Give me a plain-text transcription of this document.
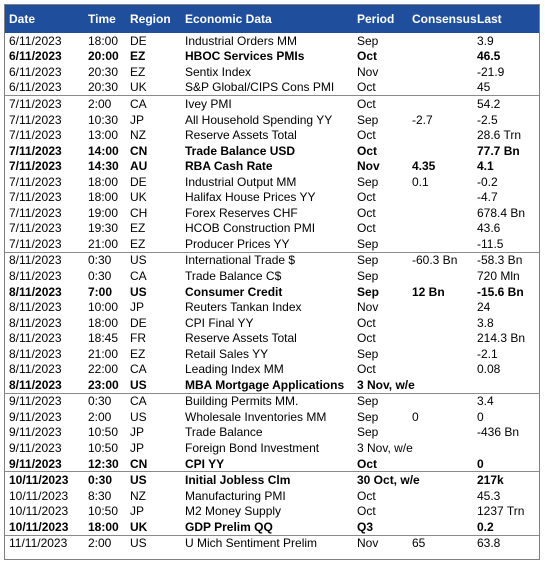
Date	Time	Region	Economic Data	Period	Consensus	Last
6/11/2023	18:00	DE	Industrial Orders MM	Sep		3.9
6/11/2023	20:00	EZ	HBOC Services PMIs	Oct		46.5
6/11/2023	20:30	EZ	Sentix Index	Nov		-21.9
6/11/2023	20:30	UK	S&P Global/CIPS Cons PMI	Oct		45
7/11/2023	2:00	CA	Ivey PMI	Oct		54.2
7/11/2023	10:30	JP	All Household Spending YY	Sep	-2.7	-2.5
7/11/2023	13:00	NZ	Reserve Assets Total	Oct		28.6 Trn
7/11/2023	14:00	CN	Trade Balance USD	Oct		77.7 Bn
7/11/2023	14:30	AU	RBA Cash Rate	Nov	4.35	4.1
7/11/2023	18:00	DE	Industrial Output MM	Sep	0.1	-0.2
7/11/2023	18:00	UK	Halifax House Prices YY	Oct		-4.7
7/11/2023	19:00	CH	Forex Reserves CHF	Oct		678.4 Bn
7/11/2023	19:30	EZ	HCOB Construction PMI	Oct		43.6
7/11/2023	21:00	EZ	Producer Prices YY	Sep		-11.5
8/11/2023	0:30	US	International Trade $	Sep	-60.3 Bn	-58.3 Bn
8/11/2023	0:30	CA	Trade Balance C$	Sep		720 Mln
8/11/2023	7:00	US	Consumer Credit	Sep	12 Bn	-15.6 Bn
8/11/2023	10:00	JP	Reuters Tankan Index	Nov		24
8/11/2023	18:00	DE	CPI Final YY	Oct		3.8
8/11/2023	18:45	FR	Reserve Assets Total	Oct		214.3 Bn
8/11/2023	21:00	EZ	Retail Sales YY	Sep		-2.1
8/11/2023	22:00	CA	Leading Index MM	Oct		0.08
8/11/2023	23:00	US	MBA Mortgage Applications	3 Nov, w/e		
9/11/2023	0:30	CA	Building Permits MM.	Sep		3.4
9/11/2023	2:00	US	Wholesale Inventories MM	Sep	0	0
9/11/2023	10:50	JP	Trade Balance	Sep		-436 Bn
9/11/2023	10:50	JP	Foreign Bond Investment	3 Nov, w/e		
9/11/2023	12:30	CN	CPI YY	Oct		0
10/11/2023	0:30	US	Initial Jobless Clm	30 Oct, w/e		217k
10/11/2023	8:30	NZ	Manufacturing PMI	Oct		45.3
10/11/2023	10:50	JP	M2 Money Supply	Oct		1237 Trn
10/11/2023	18:00	UK	GDP Prelim QQ	Q3		0.2
11/11/2023	2:00	US	U Mich Sentiment Prelim	Nov	65	63.8
